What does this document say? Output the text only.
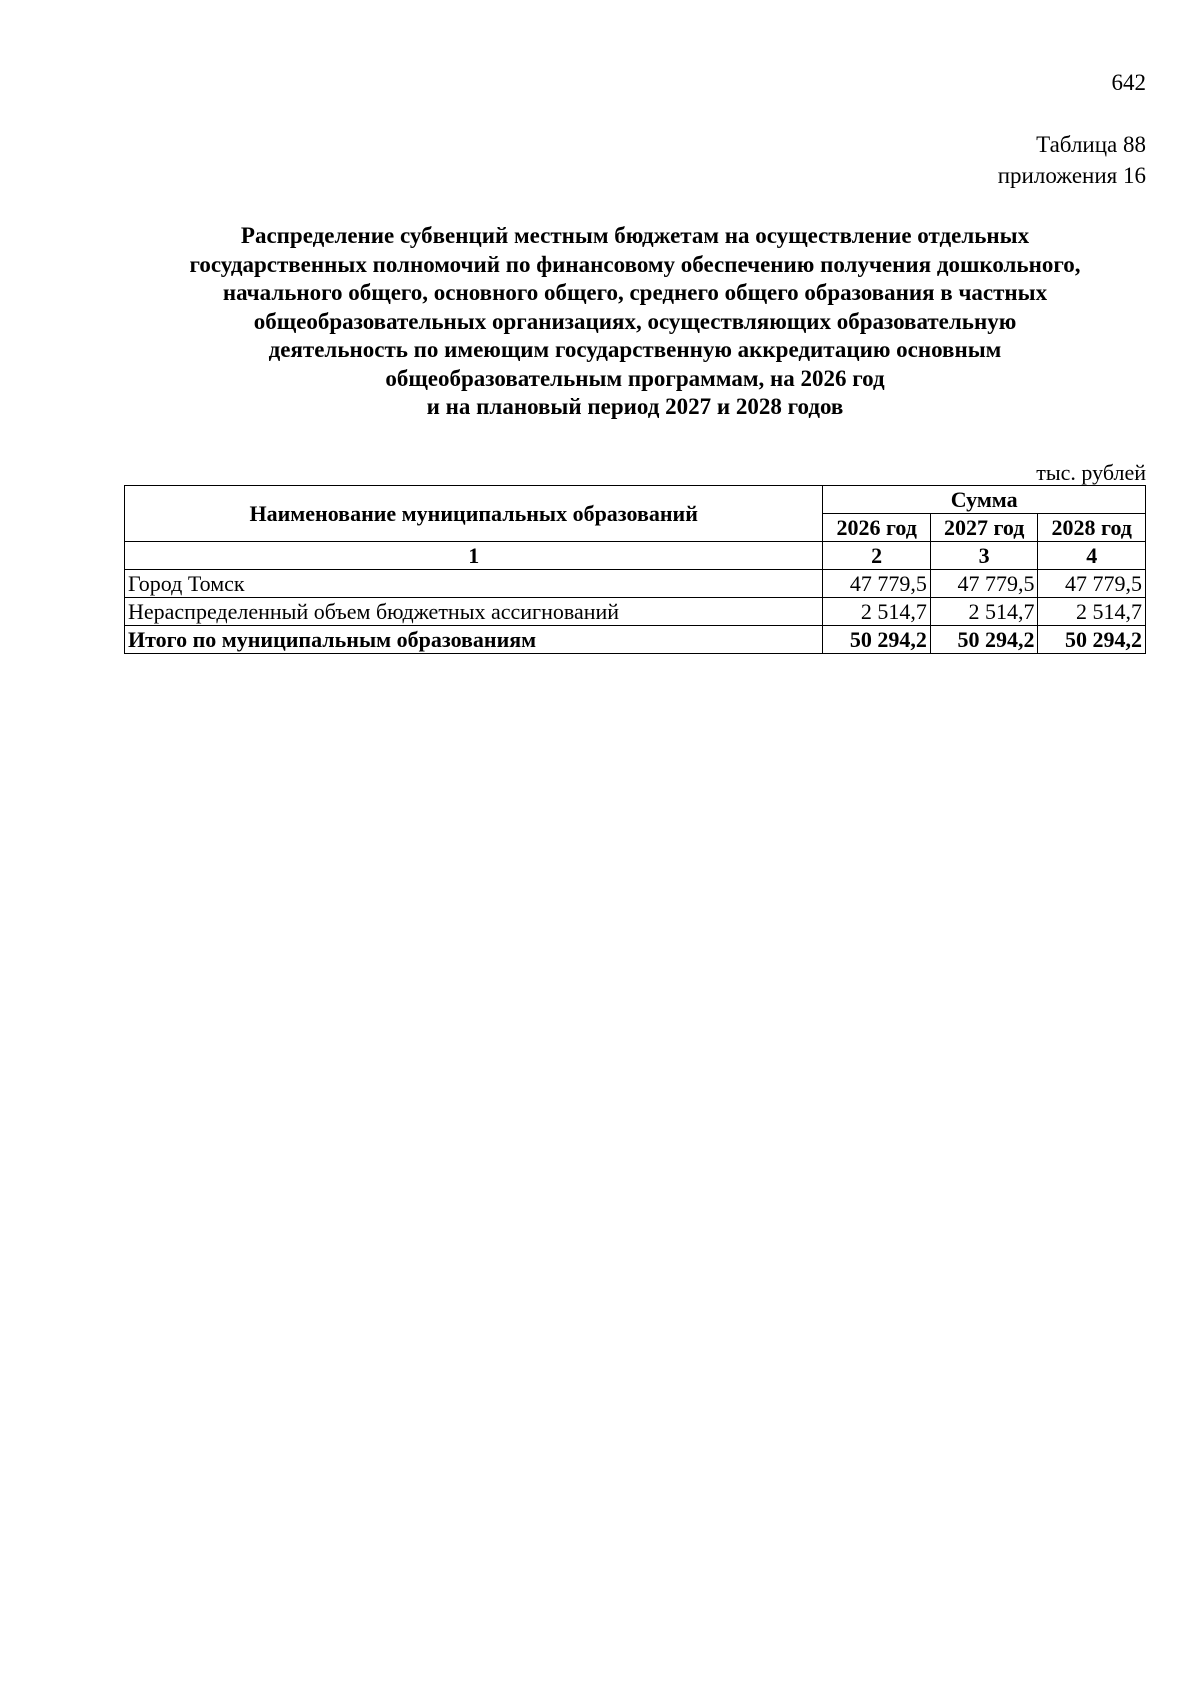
642
Таблица 88
приложения 16
Распределение субвенций местным бюджетам на осуществление отдельных
государственных полномочий по финансовому обеспечению получения дошкольного,
начального общего, основного общего, среднего общего образования в частных
общеобразовательных организациях, осуществляющих образовательную
деятельность по имеющим государственную аккредитацию основным
общеобразовательным программам, на 2026 год
и на плановый период 2027 и 2028 годов
тыс. рублей
Наименование муниципальных образований	Сумма		
	2026 год	2027 год	2028 год
1	2	3	4
Город Томск	47 779,5	47 779,5	47 779,5
Нераспределенный объем бюджетных ассигнований	2 514,7	2 514,7	2 514,7
Итого по муниципальным образованиям	50 294,2	50 294,2	50 294,2
